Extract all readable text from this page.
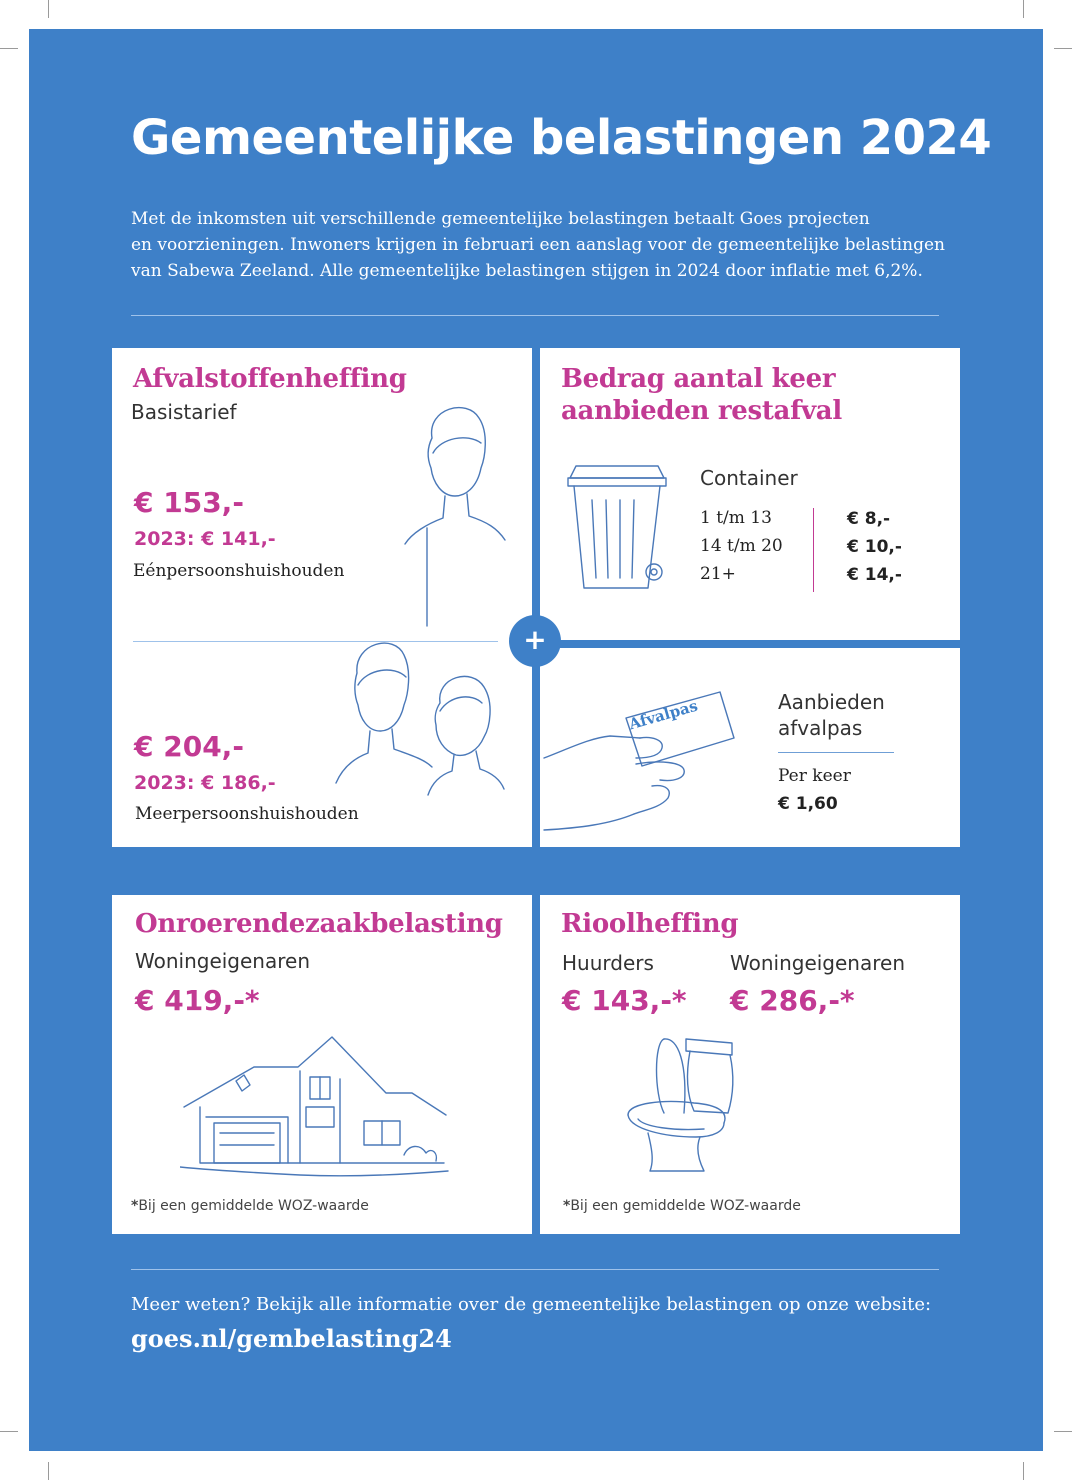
Gemeentelijke belastingen 2024
Met de inkomsten uit verschillende gemeentelijke belastingen betaalt Goes projecten
en voorzieningen. Inwoners krijgen in februari een aanslag voor de gemeentelijke belastingen
van Sabewa Zeeland. Alle gemeentelijke belastingen stijgen in 2024 door inflatie met 6,2%.
Afvalstoffenheffing
Basistarief
€ 153,-
2023: € 141,-
Eénpersoonshuishouden
€ 204,-
2023: € 186,-
Meerpersoonshuishouden
Bedrag aantal keer
aanbieden restafval
Container
1 t/m 13
14 t/m 20
21+
€ 8,-
€ 10,-
€ 14,-
Afvalpas	Aanbieden
afvalpas
Per keer
€ 1,60
+
Onroerendezaakbelasting
Woningeigenaren
€ 419,-*
*Bij een gemiddelde WOZ-waarde
Rioolheffing
Huurders	Woningeigenaren
€ 143,-* € 286,-*
*Bij een gemiddelde WOZ-waarde
Meer weten? Bekijk alle informatie over de gemeentelijke belastingen op onze website:
goes.nl/gembelasting24
